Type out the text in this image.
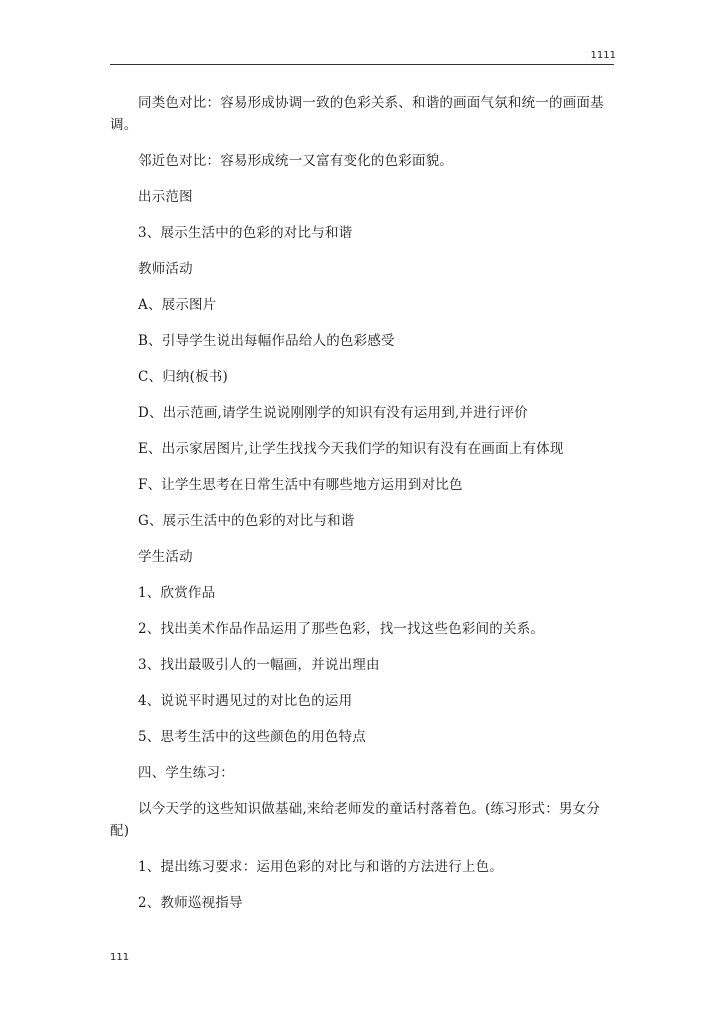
1111

同类色对比：容易形成协调一致的色彩关系、和谐的画面气氛和统一的画面基调。

邻近色对比：容易形成统一又富有变化的色彩面貌。

出示范图

3、展示生活中的色彩的对比与和谐

教师活动

A、展示图片

B、引导学生说出每幅作品给人的色彩感受

C、归纳(板书)

D、出示范画,请学生说说刚刚学的知识有没有运用到,并进行评价

E、出示家居图片,让学生找找今天我们学的知识有没有在画面上有体现

F、让学生思考在日常生活中有哪些地方运用到对比色

G、展示生活中的色彩的对比与和谐

学生活动

1、欣赏作品

2、找出美术作品作品运用了那些色彩，找一找这些色彩间的关系。

3、找出最吸引人的一幅画，并说出理由

4、说说平时遇见过的对比色的运用

5、思考生活中的这些颜色的用色特点

四、学生练习：

以今天学的这些知识做基础,来给老师发的童话村落着色。(练习形式：男女分配)

1、提出练习要求：运用色彩的对比与和谐的方法进行上色。

2、教师巡视指导

111
